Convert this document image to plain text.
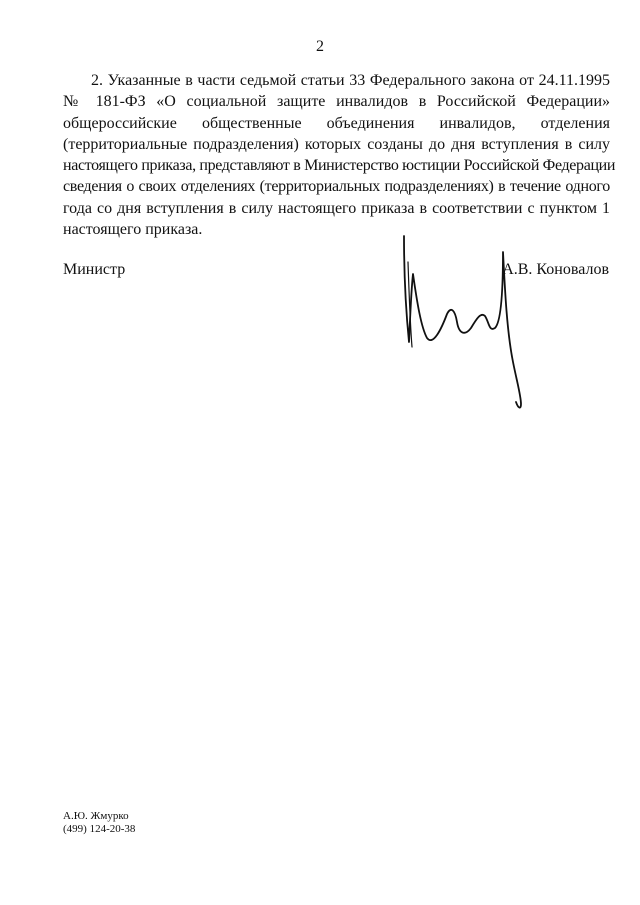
2
2. Указанные в части седьмой статьи 33 Федерального закона от 24.11.1995
№ 181-ФЗ «О социальной защите инвалидов в Российской Федерации»
общероссийские общественные объединения инвалидов, отделения
(территориальные подразделения) которых созданы до дня вступления в силу
настоящего приказа, представляют в Министерство юстиции Российской Федерации
сведения о своих отделениях (территориальных подразделениях) в течение одного
года со дня вступления в силу настоящего приказа в соответствии с пунктом 1
настоящего приказа.
Министр	А.В. Коновалов
А.Ю. Жмурко
(499) 124-20-38
